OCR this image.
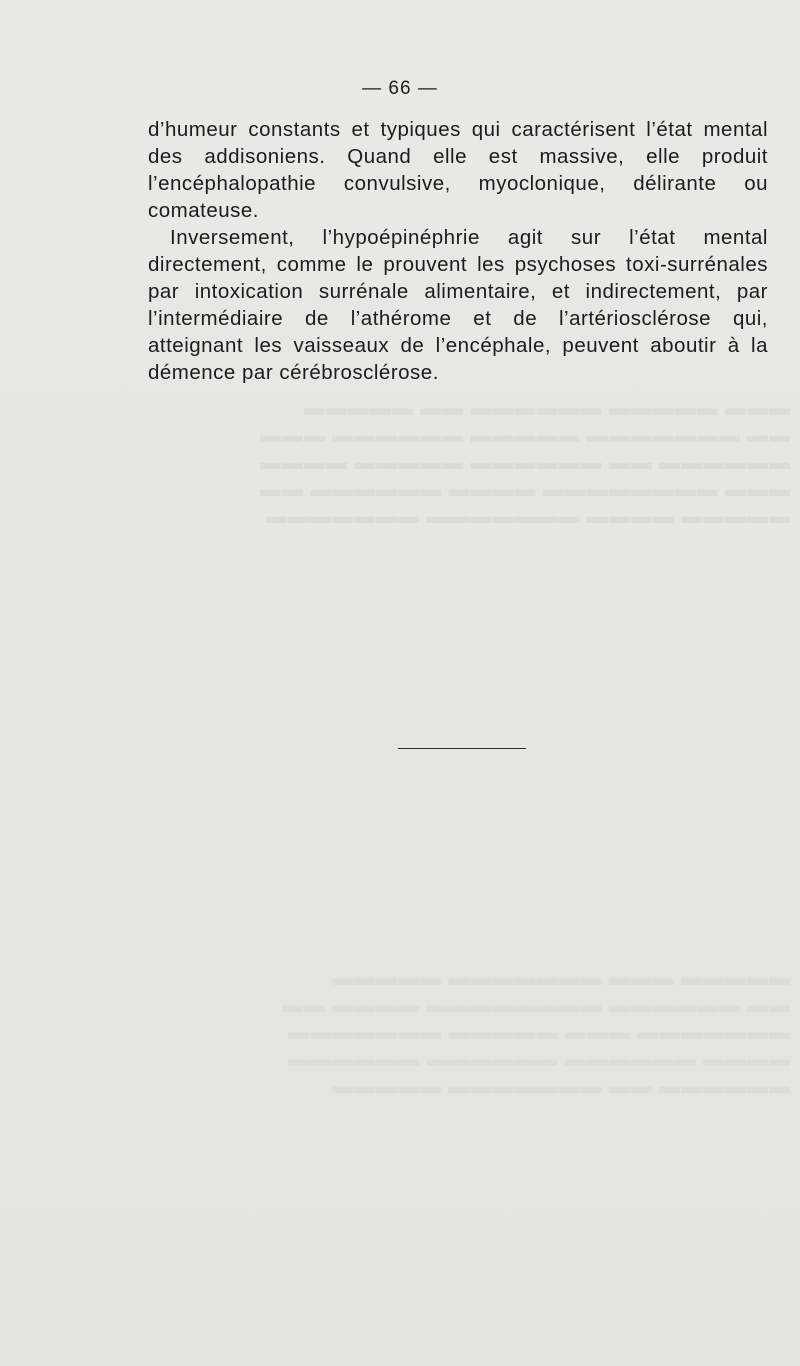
▬▬▬ ▬▬▬▬▬ ▬▬▬▬▬▬ ▬▬ ▬▬▬▬▬
▬▬ ▬▬▬▬▬▬▬ ▬▬▬▬▬ ▬▬▬▬▬▬ ▬▬▬
▬▬▬▬▬▬ ▬▬ ▬▬▬▬▬▬ ▬▬▬▬▬ ▬▬▬▬
▬▬▬ ▬▬▬▬▬▬▬▬ ▬▬▬▬ ▬▬▬▬▬▬ ▬▬
▬▬▬▬▬ ▬▬▬▬ ▬▬▬▬▬▬▬ ▬▬▬▬▬▬▬
— 66 —

d’humeur constants et typiques qui caractérisent l’état mental des addisoniens. Quand elle est massive, elle produit l’encéphalopathie convulsive, myoclonique, délirante ou comateuse.

Inversement, l’hypoépinéphrie agit sur l’état mental directement, comme le prouvent les psychoses toxi-surrénales par intoxication surrénale alimentaire, et indirectement, par l’intermédiaire de l’athérome et de l’artériosclérose qui, atteignant les vaisseaux de l’encéphale, peuvent aboutir à la démence par cérébrosclérose.
